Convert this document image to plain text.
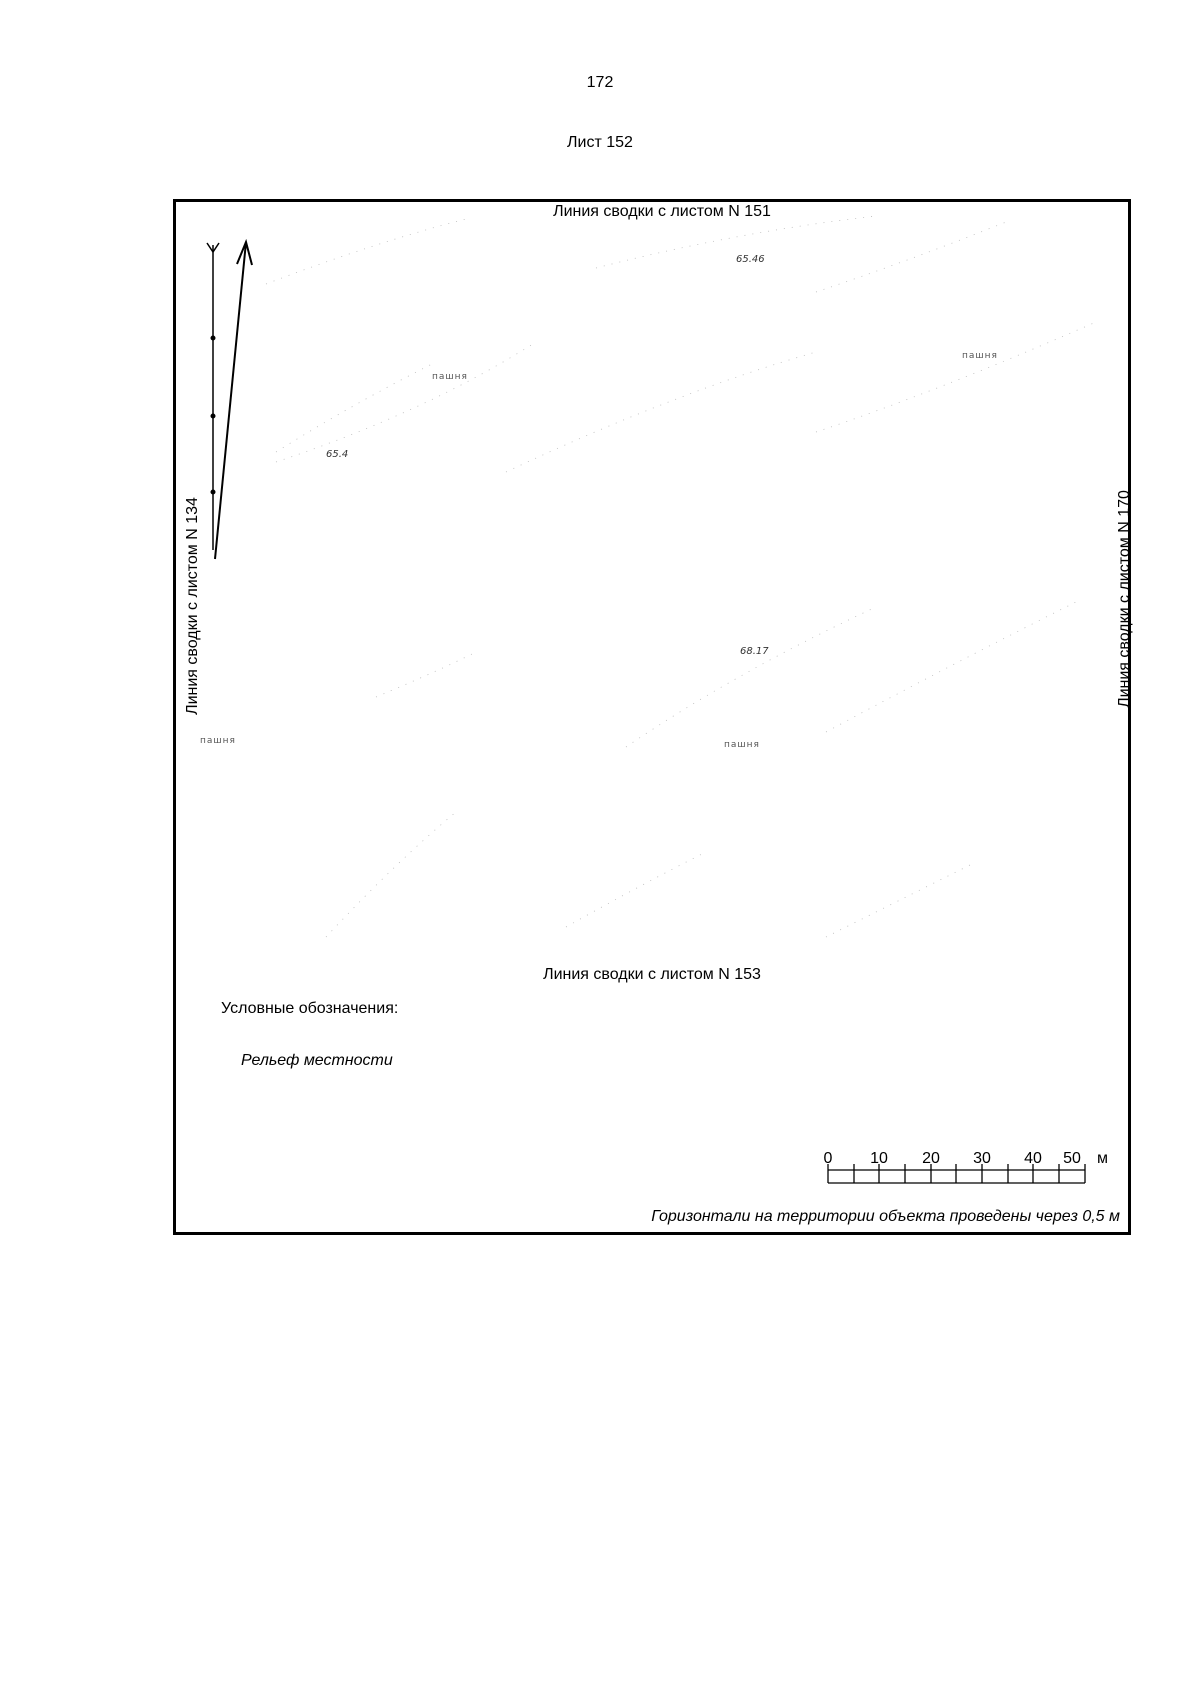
172
Лист 152
Линия сводки с листом N 151
Линия сводки с листом N 153
Линия сводки с листом N 134	Линия сводки с листом N 170
пашня
пашня
пашня	пашня
65.46
65.4
68.17
Условные обозначения:
Рельеф местности
0 10 20 30 40 50 м
Горизонтали на территории объекта проведены через 0,5 м
